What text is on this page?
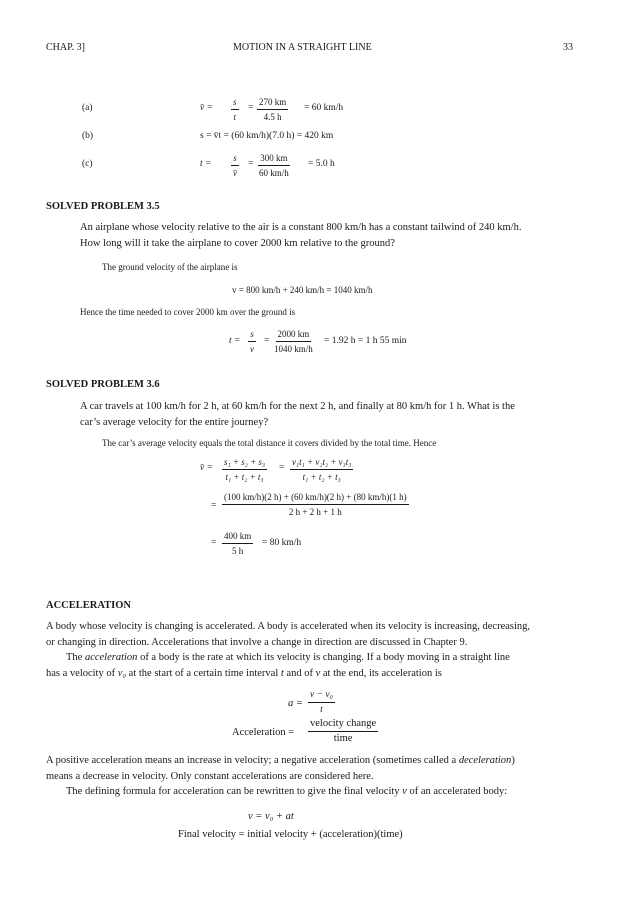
CHAP. 3]	MOTION IN A STRAIGHT LINE	33
(a)	v̄ = $\frac{s}{t} = \frac{270 km}{4.5 h} = 60$ km/h
(b)	s = v̄t = (60 km/h)(7.0 h) = 420 km
(c)	$t = \frac{s}{v̄} = \frac{300 km}{60 km/h} = 5.0$ h
SOLVED PROBLEM 3.5
An airplane whose velocity relative to the air is a constant 800 km/h has a constant tailwind of 240 km/h.
How long will it take the airplane to cover 2000 km relative to the ground?
The ground velocity of the airplane is
v = 800 km/h + 240 km/h = 1040 km/h
Hence the time needed to cover 2000 km over the ground is
$t = \frac{s}{v} = \frac{2000 km}{1040 km/h} = 1.92$ h = 1 h 55 min
SOLVED PROBLEM 3.6
A car travels at 100 km/h for 2 h, at 60 km/h for the next 2 h, and finally at 80 km/h for 1 h. What is the
car’s average velocity for the entire journey?
The car’s average velocity equals the total distance it covers divided by the total time. Hence
v̄ = $\frac{\text{s₁ + s₂ + s₃}}{\text{t₁ + t₂ + t₃}} = \frac{\text{v₁t₁ + v₂t₂ + v₃t₃}}{\text{t₁ + t₂ + t₃}}$
= $\frac{(100 km/h)(2 h) + (60 km/h)(2 h) + (80 km/h)(1 h)}{2 h + 2 h + 1 h}$
= $\frac{400 km}{5 h} = 80$ km/h
ACCELERATION
A body whose velocity is changing is accelerated. A body is accelerated when its velocity is increasing, decreasing,
or changing in direction. Accelerations that involve a change in direction are discussed in Chapter 9.
The acceleration of a body is the rate at which its velocity is changing. If a body moving in a straight line
has a velocity of v₀ at the start of a certain time interval t and of v at the end, its acceleration is
$a = \frac{\text{v − v₀}}{t}$
Acceleration =
velocity change
time
A positive acceleration means an increase in velocity; a negative acceleration (sometimes called a deceleration)
means a decrease in velocity. Only constant accelerations are considered here.
The defining formula for acceleration can be rewritten to give the final velocity v of an accelerated body:
v = v₀ + at
Final velocity = initial velocity + (acceleration)(time)
